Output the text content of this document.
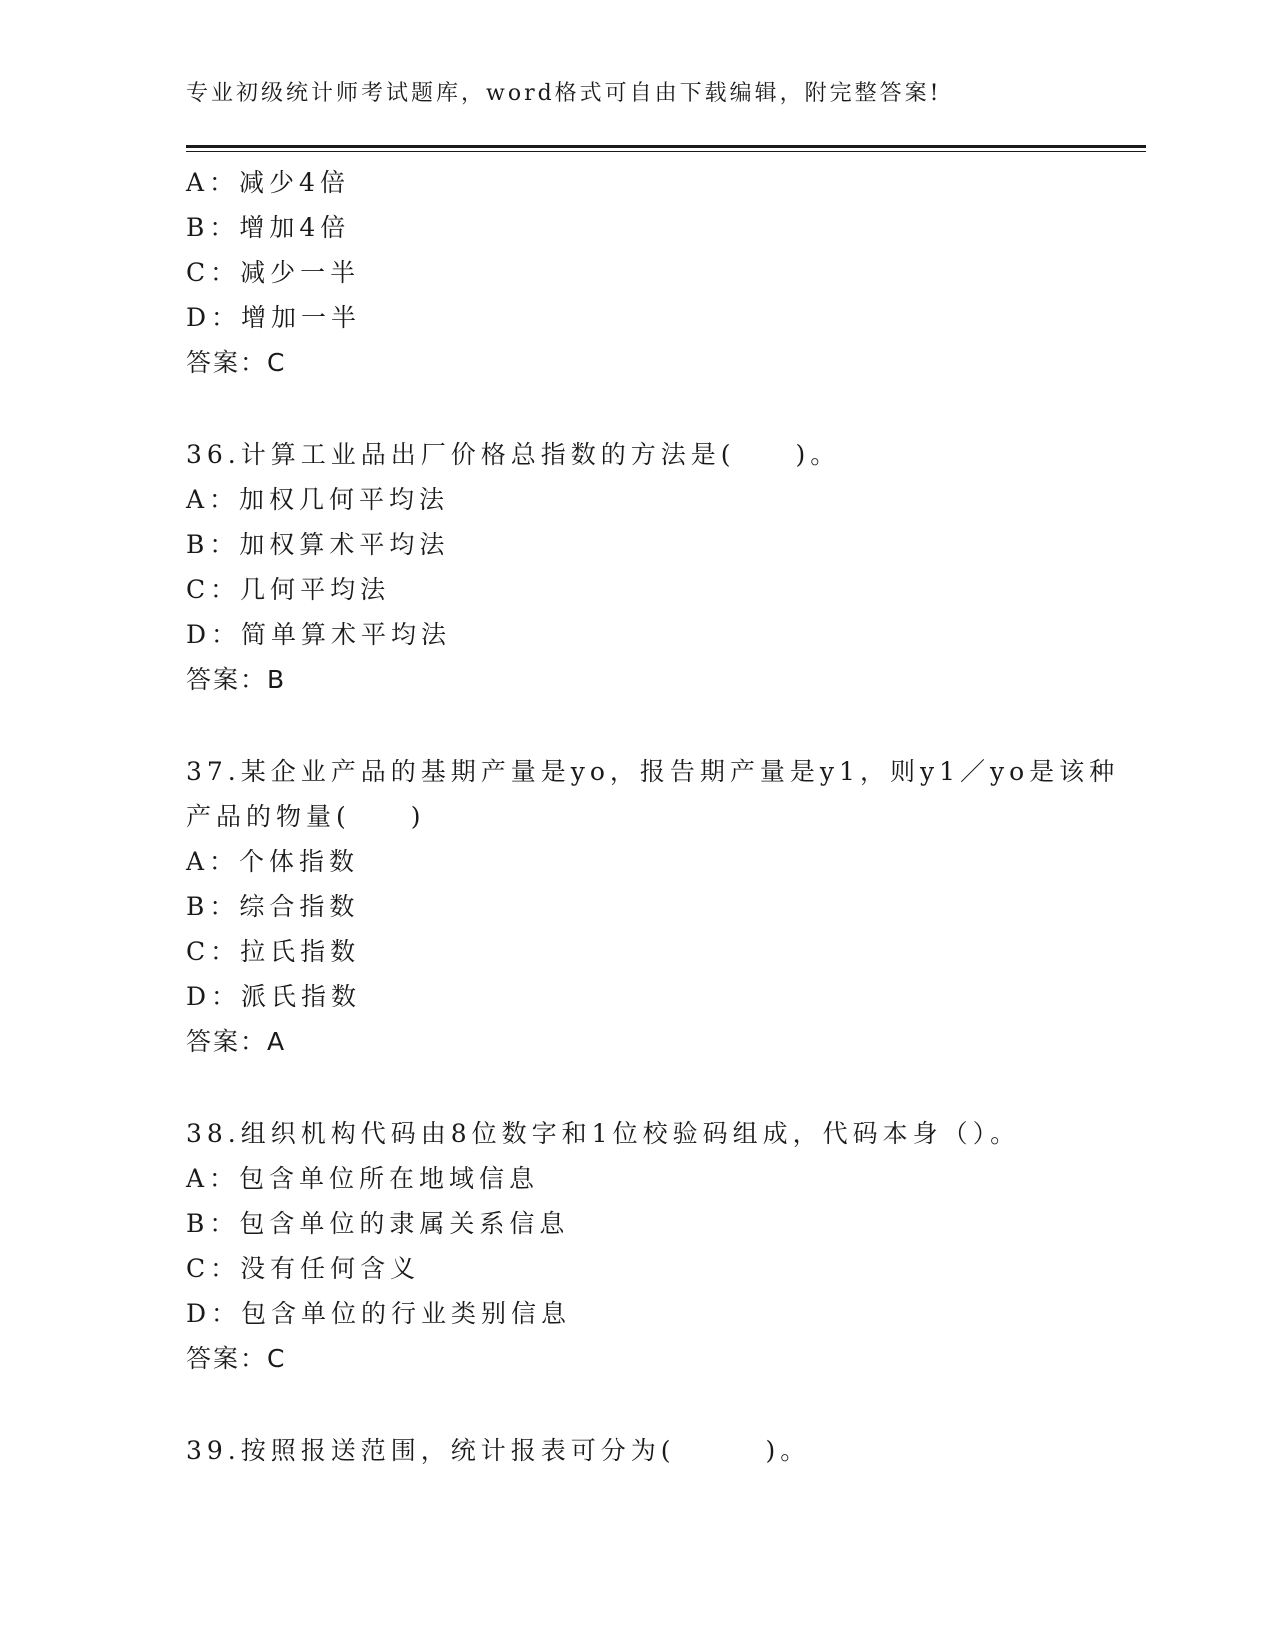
专业初级统计师考试题库，word格式可自由下载编辑，附完整答案!
A：减少4倍
B：增加4倍
C：减少一半
D：增加一半
答案：C
36.计算工业品出厂价格总指数的方法是(　　)。
A：加权几何平均法
B：加权算术平均法
C：几何平均法
D：简单算术平均法
答案：B
37.某企业产品的基期产量是yo，报告期产量是y1，则y1／yo是该种
产品的物量(　　)
A：个体指数
B：综合指数
C：拉氏指数
D：派氏指数
答案：A
38.组织机构代码由8位数字和1位校验码组成，代码本身（）。
A：包含单位所在地域信息
B：包含单位的隶属关系信息
C：没有任何含义
D：包含单位的行业类别信息
答案：C
39.按照报送范围，统计报表可分为(　　　)。
